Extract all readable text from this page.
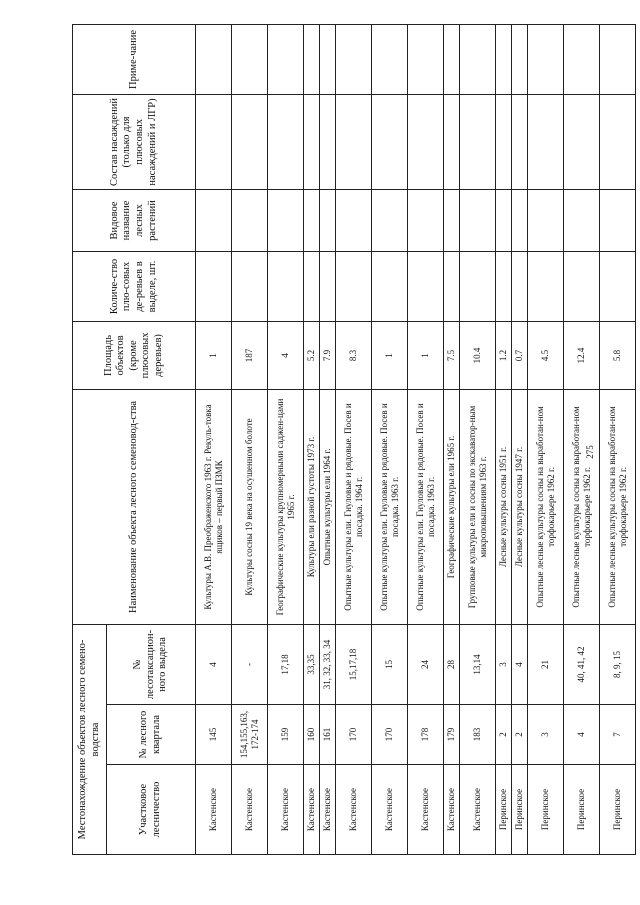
Местонахождение объектов лесного семено-водства			Наименование объекта лесного семеновод-ства	Площадь объектов (кроме плюсовых деревьев)	Количе-ство плю-совых де-ревьев в выделе, шт.	Видовое название лесных растений	Состав насаждений (только для плюсовых насаждений и ЛГР)	Приме-чание
Участковое лесничество	№ лесного квартала	№ лесотаксацион-ного выдела						
Кастенское	145	4	Культуры А.В. Преображенского 1963 г. Рекуль-товка ящиков – первый ПЗМК	1				
Кастенское	154,155,163, 172-174	-	Культуры сосны 19 века на осушенном болоте	187				
Кастенское	159	17,18	Географические культуры крупномерными саджен-цами 1965 г.	4				
Кастенское	160	33,35	Культуры ели разной густоты 1973 г.	5.2				
Кастенское	161	31, 32, 33, 34	Опытные культуры ели 1964 г.	7.9				
Кастенское	170	15,17,18	Опытные культуры ели. Гнуловые и рядовые. Посев и посадка. 1964 г.	8.3				
Кастенское	170	15	Опытные культуры ели. Гнуловые и рядовые. Посев и посадка. 1963 г.	1				
Кастенское	178	24	Опытные культуры ели. Гнуловые и рядовые. Посев и посадка. 1963 г.	1				
Кастенское	179	28	Географические культуры ели 1965 г.	7.5				
Кастенское	183	13,14	Групповые культуры ели и сосны по экскаватор-ным микроповышениям 1963 г.	10.4				
Перинское	2	3	Лесные культуры сосны 1951 г.	1.2				
Перинское	2	4	Лесные культуры сосны 1947 г.	0.7				
Перинское	3	21	Опытные лесные культуры сосны на выработан-ном торфокарьере 1962 г.	4.5				
Перинское	4	40, 41, 42	Опытные лесные культуры сосны на выработан-ном торфокарьере 1962 г.	12.4				
Перинское	7	8, 9, 15	Опытные лесные культуры сосны на выработан-ном торфокарьере 1962 г.	5.8				
275
